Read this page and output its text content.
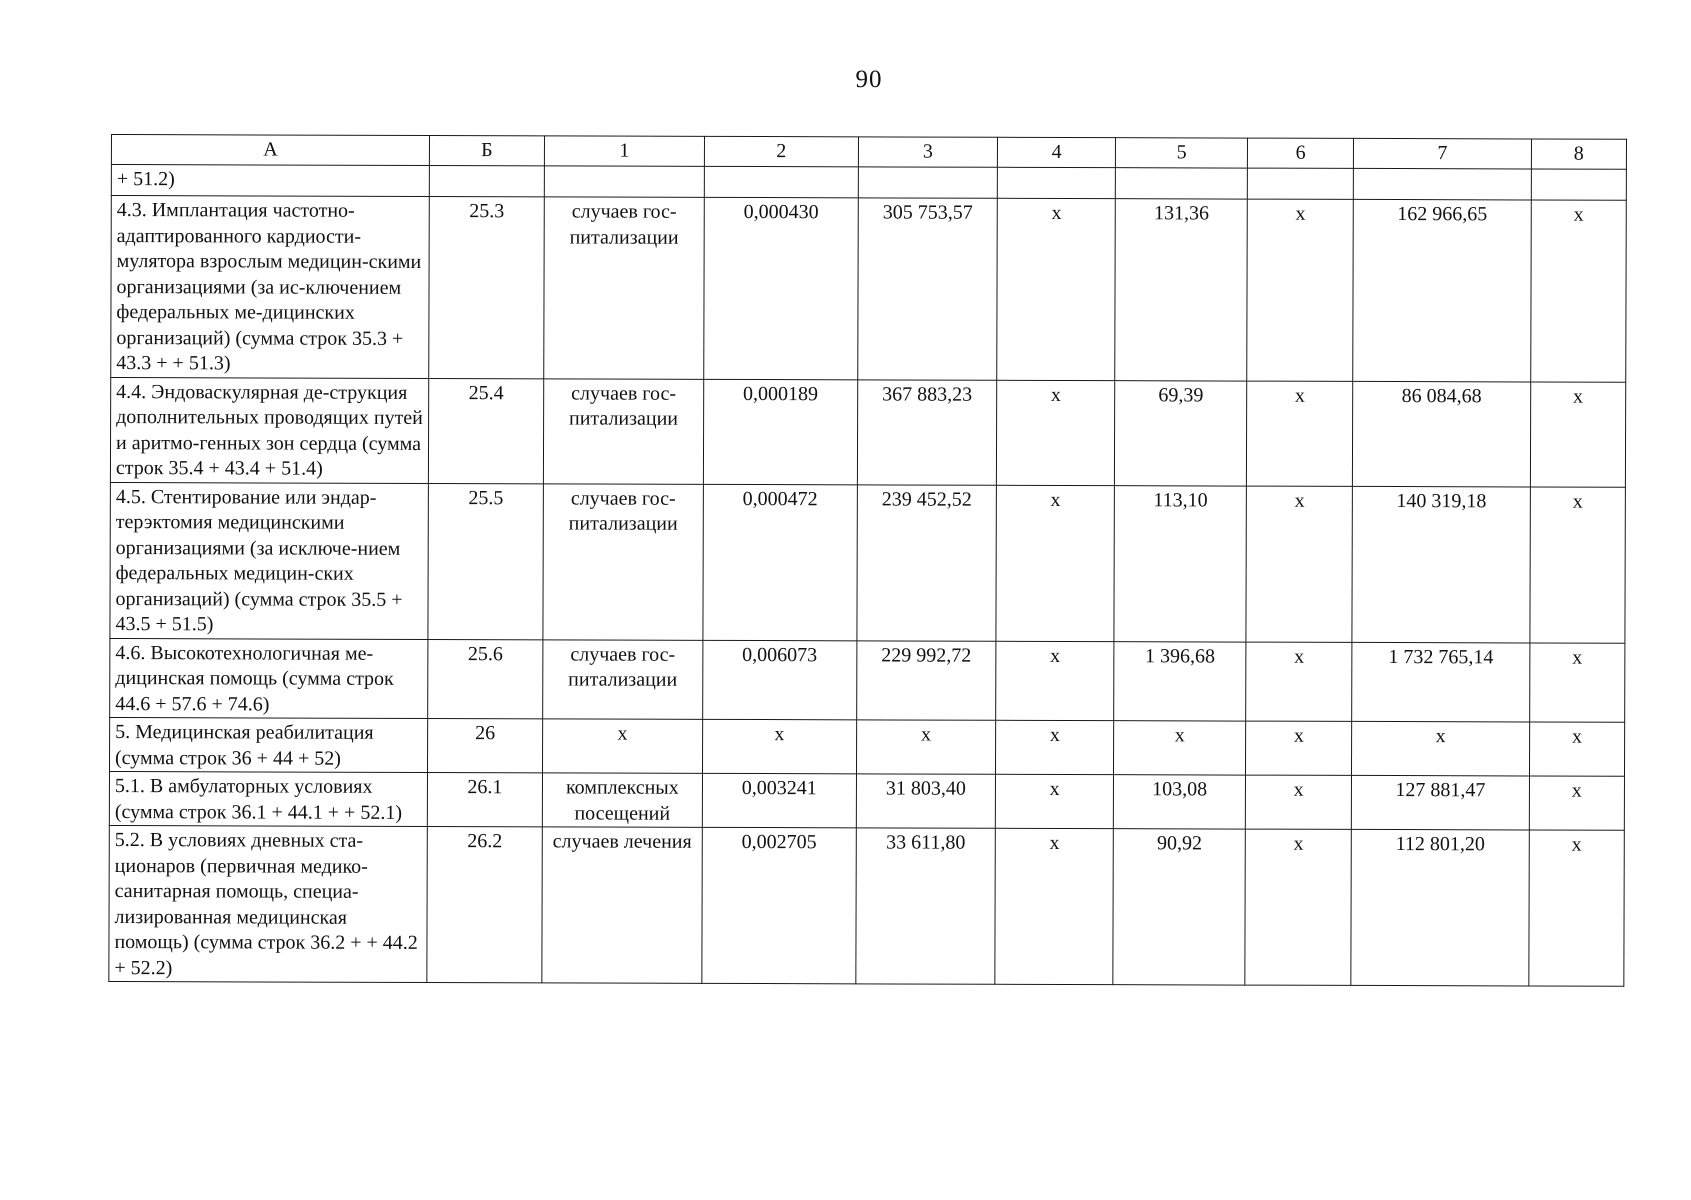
90
А	Б	1	2	3	4	5	6	7	8
+ 51.2)									
4.3. Имплантация частотно-адаптированного кардиости-мулятора взрослым медицин-скими организациями (за ис-ключением федеральных ме-дицинских организаций) (сумма строк 35.3 + 43.3 + + 51.3)	25.3	случаев гос-питализации	0,000430	305 753,57	x	131,36	x	162 966,65	x
4.4. Эндоваскулярная де-струкция дополнительных проводящих путей и аритмо-генных зон сердца (сумма строк 35.4 + 43.4 + 51.4)	25.4	случаев гос-питализации	0,000189	367 883,23	x	69,39	x	86 084,68	x
4.5. Стентирование или эндар-терэктомия медицинскими организациями (за исключе-нием федеральных медицин-ских организаций) (сумма строк 35.5 + 43.5 + 51.5)	25.5	случаев гос-питализации	0,000472	239 452,52	x	113,10	x	140 319,18	x
4.6. Высокотехнологичная ме-дицинская помощь (сумма строк 44.6 + 57.6 + 74.6)	25.6	случаев гос-питализации	0,006073	229 992,72	x	1 396,68	x	1 732 765,14	x
5. Медицинская реабилитация (сумма строк 36 + 44 + 52)	26	x	x	x	x	x	x	x	x
5.1. В амбулаторных условиях (сумма строк 36.1 + 44.1 + + 52.1)	26.1	комплексных посещений	0,003241	31 803,40	x	103,08	x	127 881,47	x
5.2. В условиях дневных ста-ционаров (первичная медико-санитарная помощь, специа-лизированная медицинская помощь) (сумма строк 36.2 + + 44.2 + 52.2)	26.2	случаев лечения	0,002705	33 611,80	x	90,92	x	112 801,20	x
